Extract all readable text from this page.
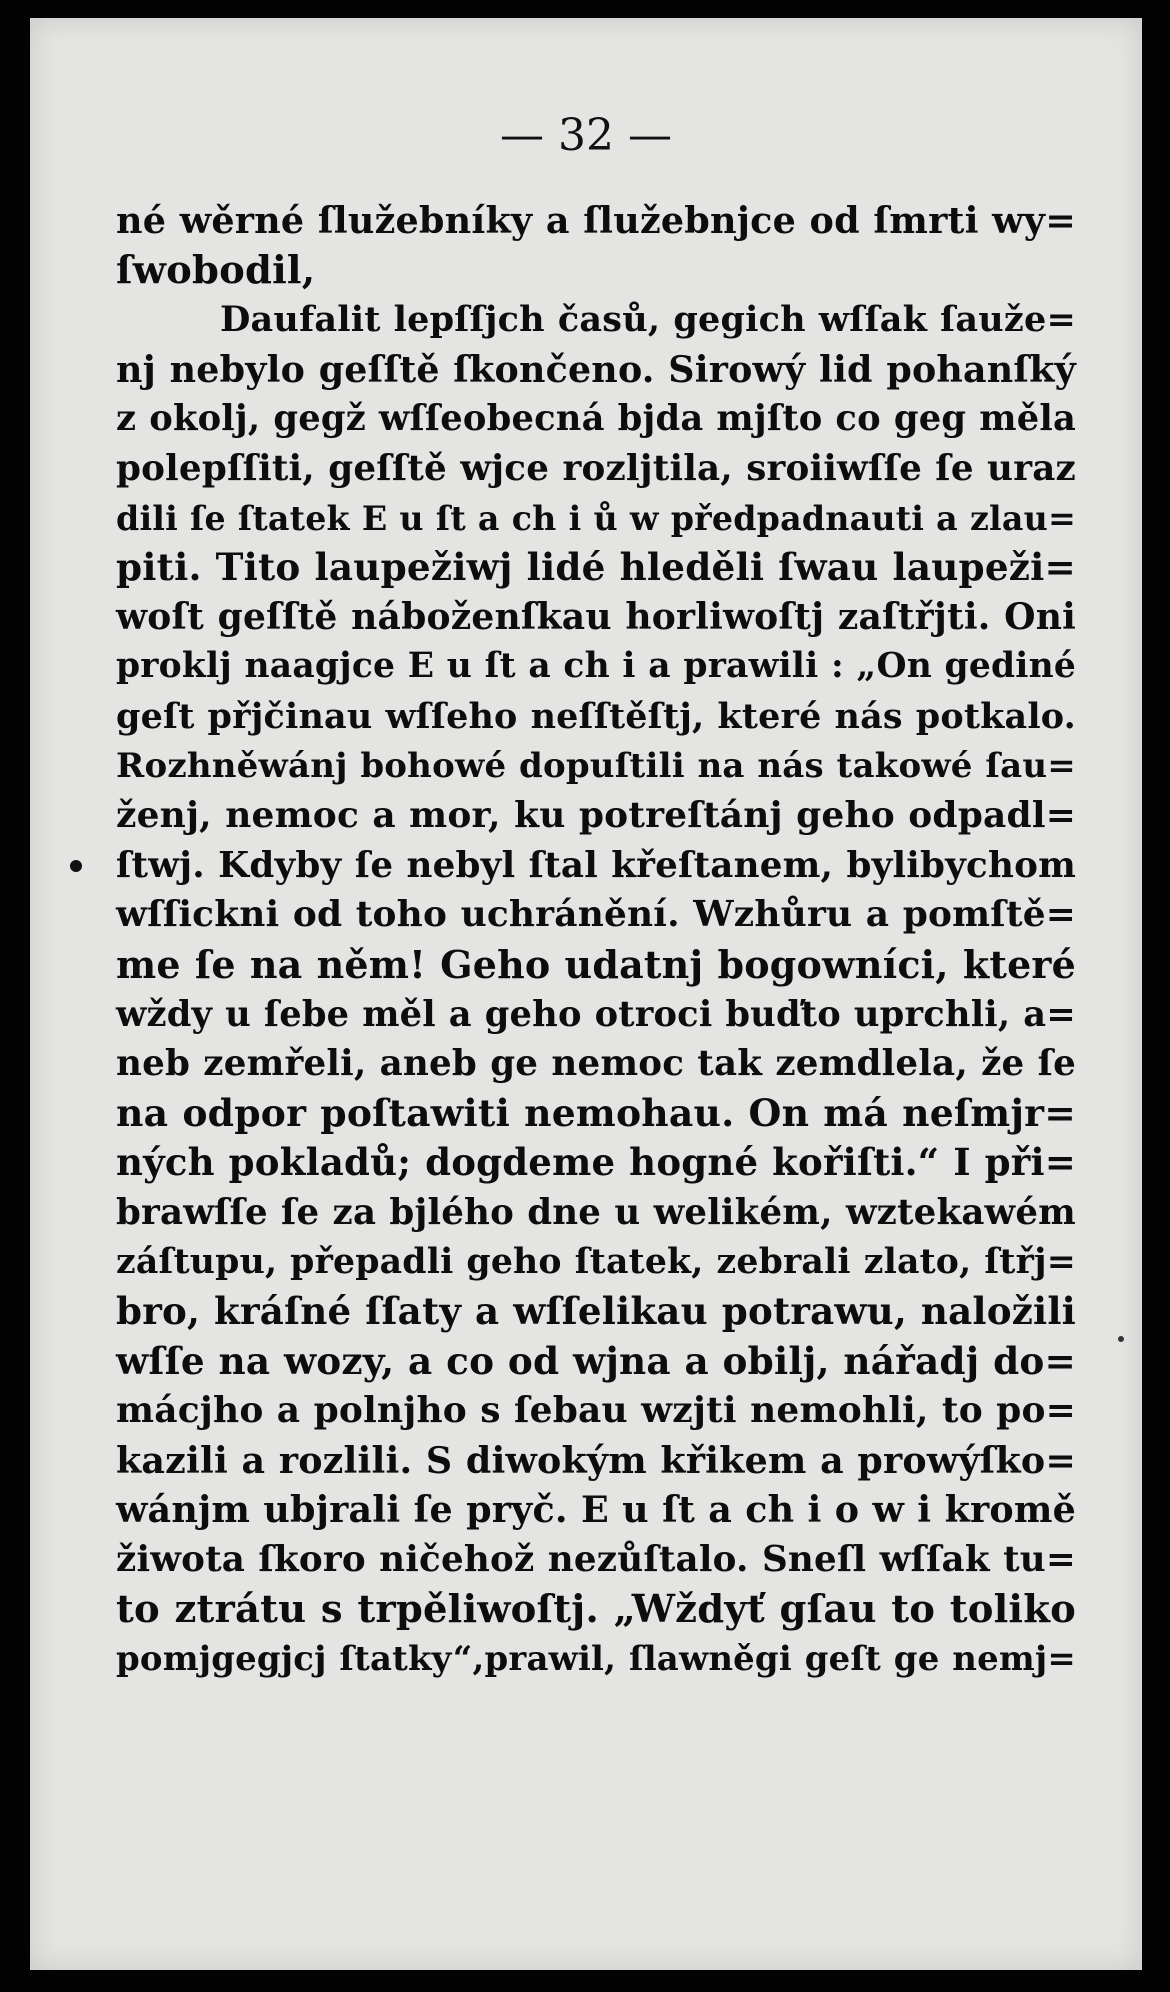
— 32 —
né wěrné ſlužebníky a ſlužebnjce od ſmrti wy=
ſwobodil,
Daufalit lepſſjch časů, gegich wſſak ſauže=
nj nebylo geſſtě ſkončeno. Sirowý lid pohanſký
z okolj, gegž wſſeobecná bjda mjſto co geg měla
polepſſiti, geſſtě wjce rozljtila, sroiiwſſe ſe uraz
dili ſe ſtatek E u ſt a ch i ů w předpadnauti a zlau=
piti. Tito laupežiwj lidé hleděli ſwau laupeži=
woſt geſſtě náboženſkau horliwoſtj zaſtřjti. Oni
proklj naagjce E u ſt a ch i a prawili : „On gediné
geſt přjčinau wſſeho neſſtěſtj, které nás potkalo.
Rozhněwánj bohowé dopuſtili na nás takowé ſau=
ženj, nemoc a mor, ku potreſtánj geho odpadl=
ſtwj. Kdyby ſe nebyl ſtal křeſtanem, bylibychom
wſſickni od toho uchránění. Wzhůru a pomſtě=
me ſe na něm! Geho udatnj bogowníci, které
wždy u ſebe měl a geho otroci buďto uprchli, a=
neb zemřeli, aneb ge nemoc tak zemdlela, že ſe
na odpor poſtawiti nemohau. On má neſmjr=
ných pokladů; dogdeme hogné kořiſti.“ I při=
brawſſe ſe za bjlého dne u welikém, wztekawém
záſtupu, přepadli geho ſtatek, zebrali zlato, ſtřj=
bro, kráſné ſſaty a wſſelikau potrawu, naložili
wſſe na wozy, a co od wjna a obilj, nářadj do=
mácjho a polnjho s ſebau wzjti nemohli, to po=
kazili a rozlili. S diwokým křikem a prowýſko=
wánjm ubjrali ſe pryč. E u ſt a ch i o w i kromě
žiwota ſkoro ničehož nezůſtalo. Sneſl wſſak tu=
to ztrátu s trpěliwoſtj. „Wždyť gſau to toliko
pomjgegjcj ſtatky“,prawil, ſlawněgi geſt ge nemj=
